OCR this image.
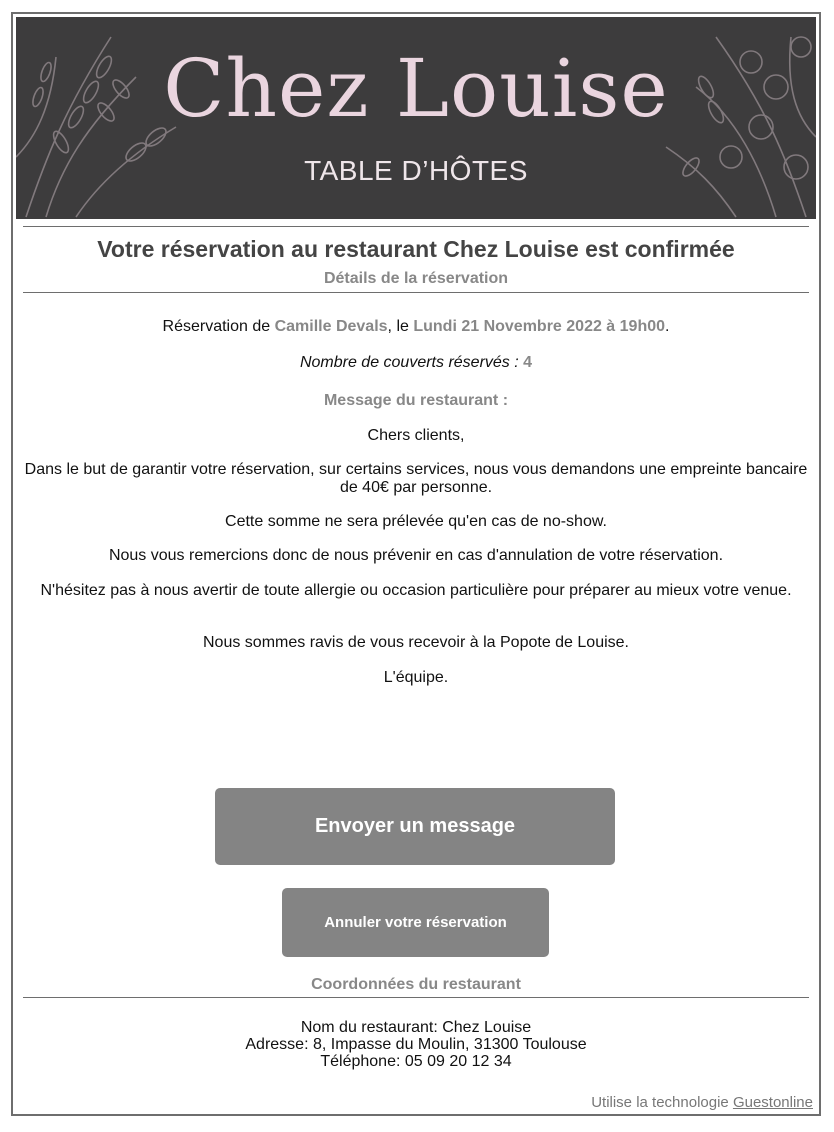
Chez Louise
TABLE D’HÔTES
Votre réservation au restaurant Chez Louise est confirmée
Détails de la réservation
Réservation de Camille Devals, le Lundi 21 Novembre 2022 à 19h00.
Nombre de couverts réservés : 4
Message du restaurant :
Chers clients,
Dans le but de garantir votre réservation, sur certains services, nous vous demandons une empreinte bancaire de 40€ par personne.
Cette somme ne sera prélevée qu'en cas de no-show.
Nous vous remercions donc de nous prévenir en cas d'annulation de votre réservation.
N'hésitez pas à nous avertir de toute allergie ou occasion particulière pour préparer au mieux votre venue.
Nous sommes ravis de vous recevoir à la Popote de Louise.
L'équipe.
Envoyer un message
Annuler votre réservation
Coordonnées du restaurant
Nom du restaurant: Chez Louise
Adresse: 8, Impasse du Moulin, 31300 Toulouse
Téléphone: 05 09 20 12 34
Utilise la technologie Guestonline
